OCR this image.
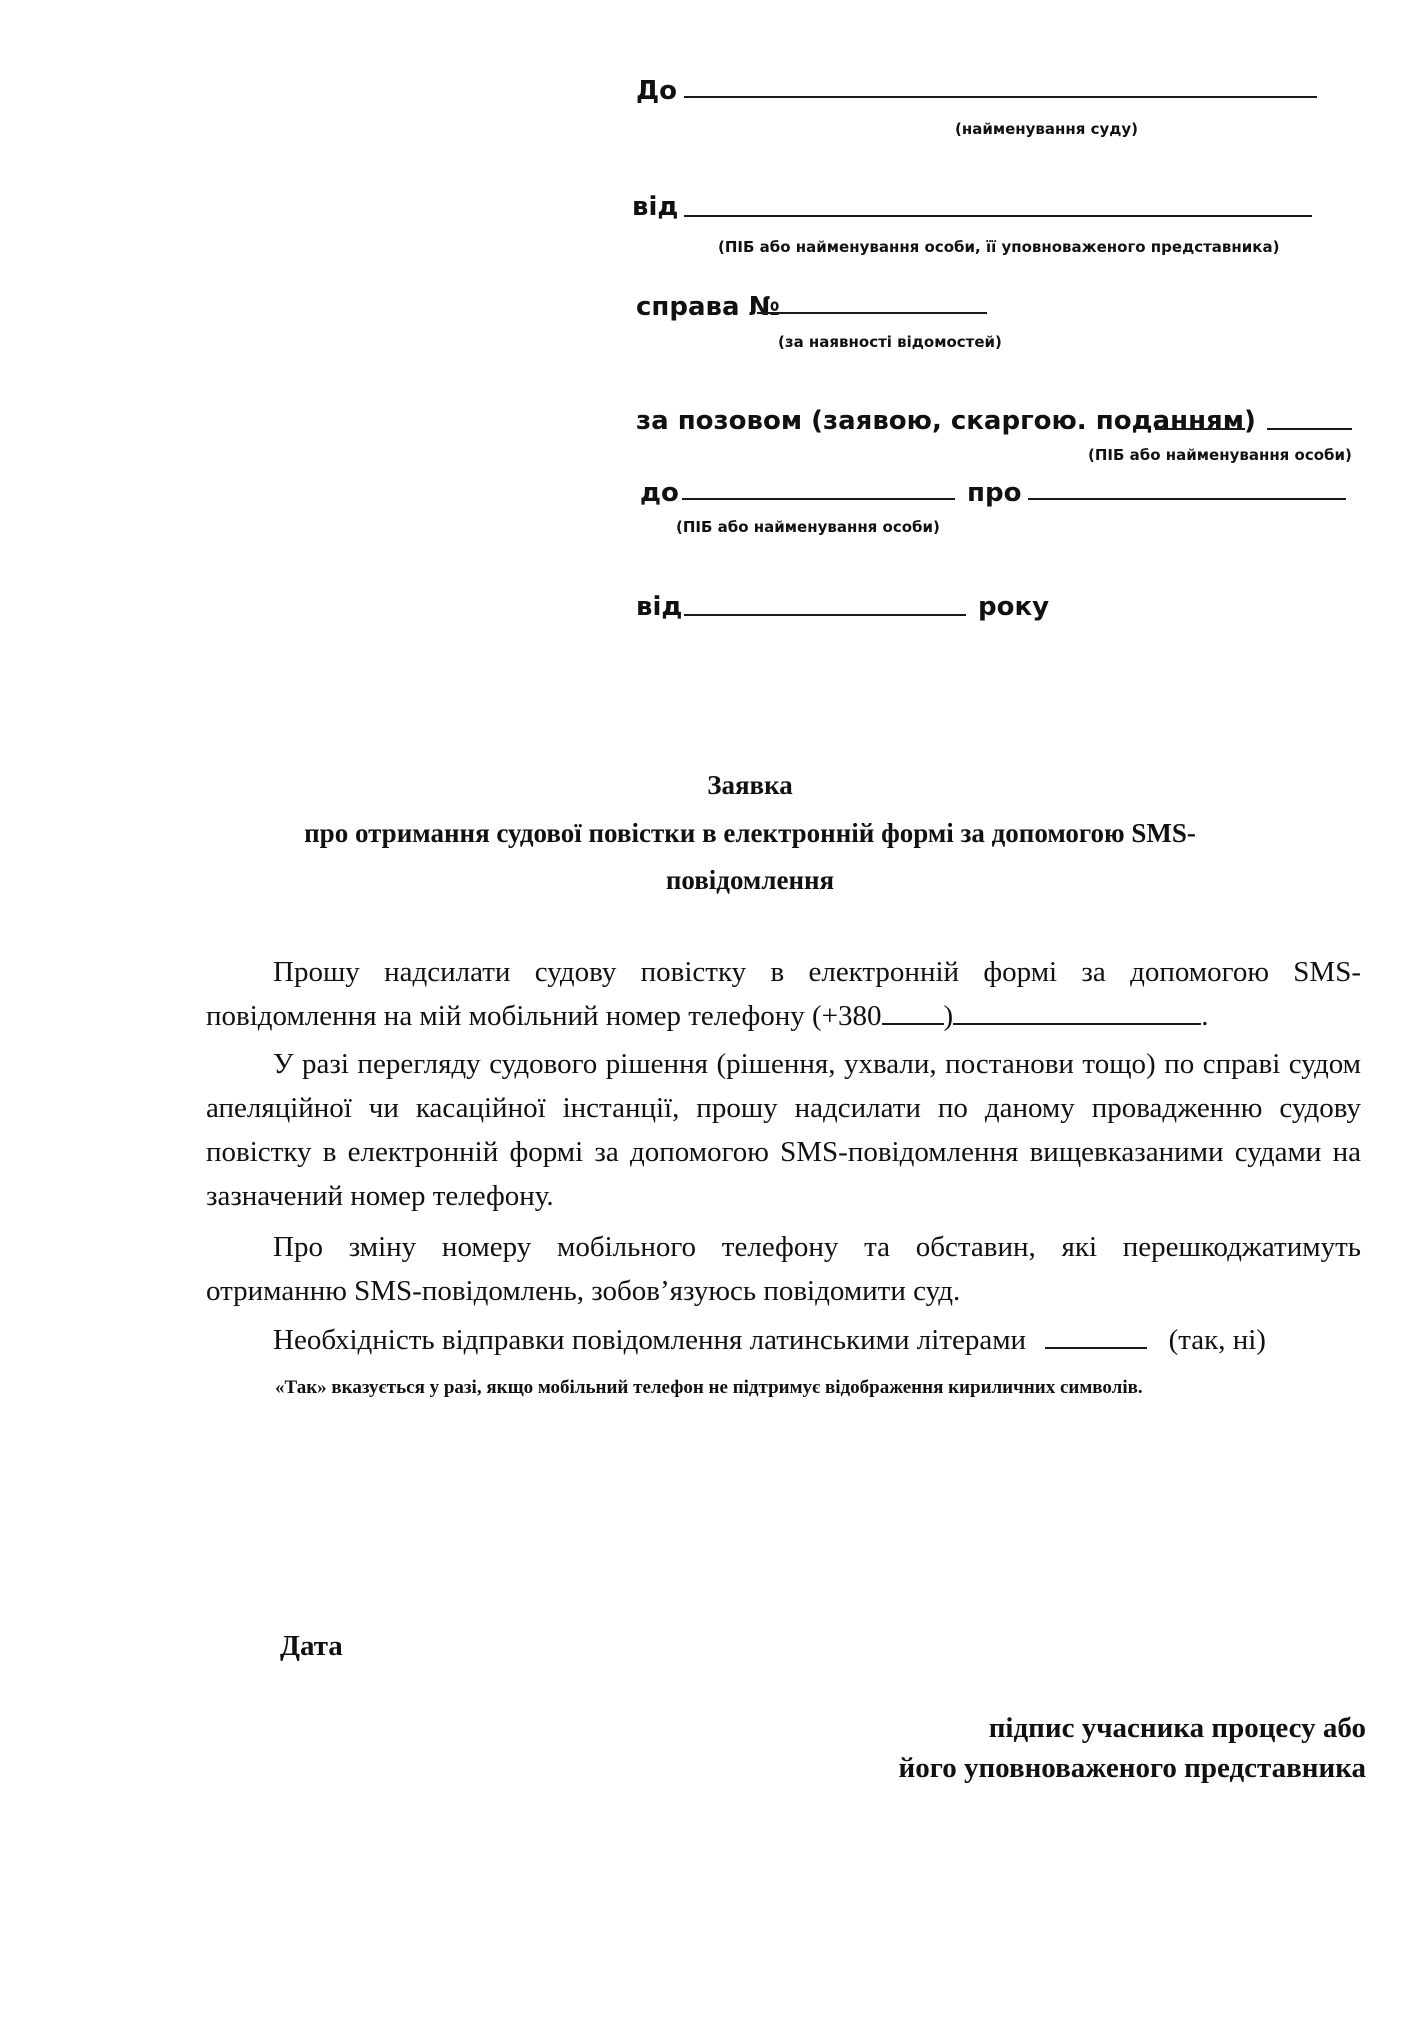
До
(найменування суду)
від
(ПІБ або найменування особи, її уповноваженого представника)
справа №
(за наявності відомостей)
за позовом (заявою, скаргою. поданням)
(ПІБ або найменування особи)
до	про
(ПІБ або найменування особи)
від	року
Заявка
про отримання судової повістки в електронній формі за допомогою SMS-
повідомлення
Прошу надсилати судову повістку в електронній формі за допомогою SMS-повідомлення на мій мобільний номер телефону (+380 )	.
У разі перегляду судового рішення (рішення, ухвали, постанови тощо) по справі судом апеляційної чи касаційної інстанції, прошу надсилати по даному провадженню судову повістку в електронній формі за допомогою SMS-повідомлення вищевказаними судами на зазначений номер телефону.
Про зміну номеру мобільного телефону та обставин, які перешкоджатимуть отриманню SMS-повідомлень, зобов’язуюсь повідомити суд.
Необхідність відправки повідомлення латинськими літерами	(так, ні)
«Так» вказується у разі, якщо мобільний телефон не підтримує відображення кириличних символів.
Дата
підпис учасника процесу або
його уповноваженого представника
